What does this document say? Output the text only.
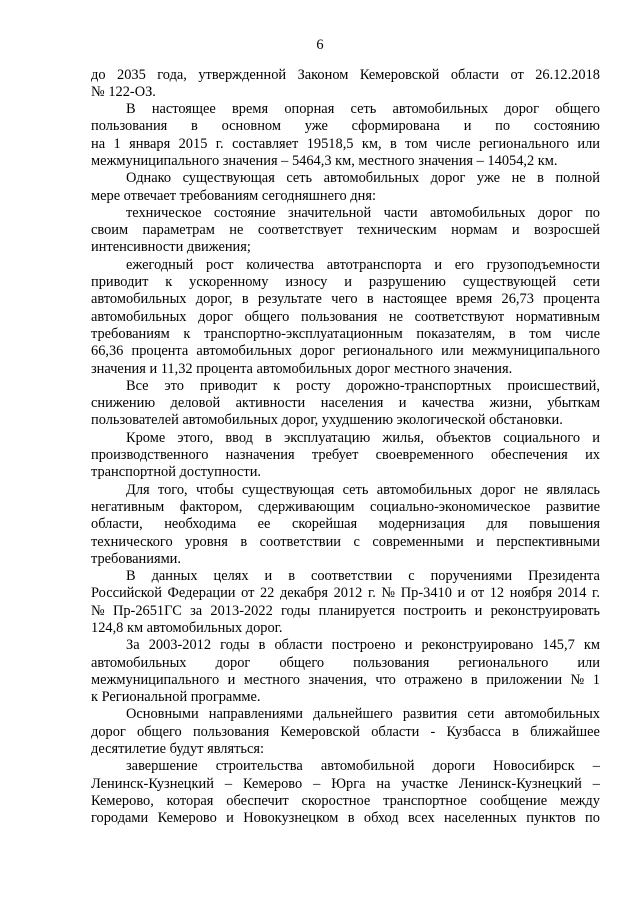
6
до 2035 года, утвержденной Законом Кемеровской области от 26.12.2018
№ 122-ОЗ.
В настоящее время опорная сеть автомобильных дорог общего
пользования в основном уже сформирована и по состоянию
на 1 января 2015 г. составляет 19518,5 км, в том числе регионального или
межмуниципального значения – 5464,3 км, местного значения – 14054,2 км.
Однако существующая сеть автомобильных дорог уже не в полной
мере отвечает требованиям сегодняшнего дня:
техническое состояние значительной части автомобильных дорог по
своим параметрам не соответствует техническим нормам и возросшей
интенсивности движения;
ежегодный рост количества автотранспорта и его грузоподъемности
приводит к ускоренному износу и разрушению существующей сети
автомобильных дорог, в результате чего в настоящее время 26,73 процента
автомобильных дорог общего пользования не соответствуют нормативным
требованиям к транспортно-эксплуатационным показателям, в том числе
66,36 процента автомобильных дорог регионального или межмуниципального
значения и 11,32 процента автомобильных дорог местного значения.
Все это приводит к росту дорожно-транспортных происшествий,
снижению деловой активности населения и качества жизни, убыткам
пользователей автомобильных дорог, ухудшению экологической обстановки.
Кроме этого, ввод в эксплуатацию жилья, объектов социального и
производственного назначения требует своевременного обеспечения их
транспортной доступности.
Для того, чтобы существующая сеть автомобильных дорог не являлась
негативным фактором, сдерживающим социально-экономическое развитие
области, необходима ее скорейшая модернизация для повышения
технического уровня в соответствии с современными и перспективными
требованиями.
В данных целях и в соответствии с поручениями Президента
Российской Федерации от 22 декабря 2012 г. № Пр-3410 и от 12 ноября 2014 г.
№ Пр-2651ГС за 2013-2022 годы планируется построить и реконструировать
124,8 км автомобильных дорог.
За 2003-2012 годы в области построено и реконструировано 145,7 км
автомобильных дорог общего пользования регионального или
межмуниципального и местного значения, что отражено в приложении № 1
к Региональной программе.
Основными направлениями дальнейшего развития сети автомобильных
дорог общего пользования Кемеровской области - Кузбасса в ближайшее
десятилетие будут являться:
завершение строительства автомобильной дороги Новосибирск –
Ленинск-Кузнецкий – Кемерово – Юрга на участке Ленинск-Кузнецкий –
Кемерово, которая обеспечит скоростное транспортное сообщение между
городами Кемерово и Новокузнецком в обход всех населенных пунктов по
